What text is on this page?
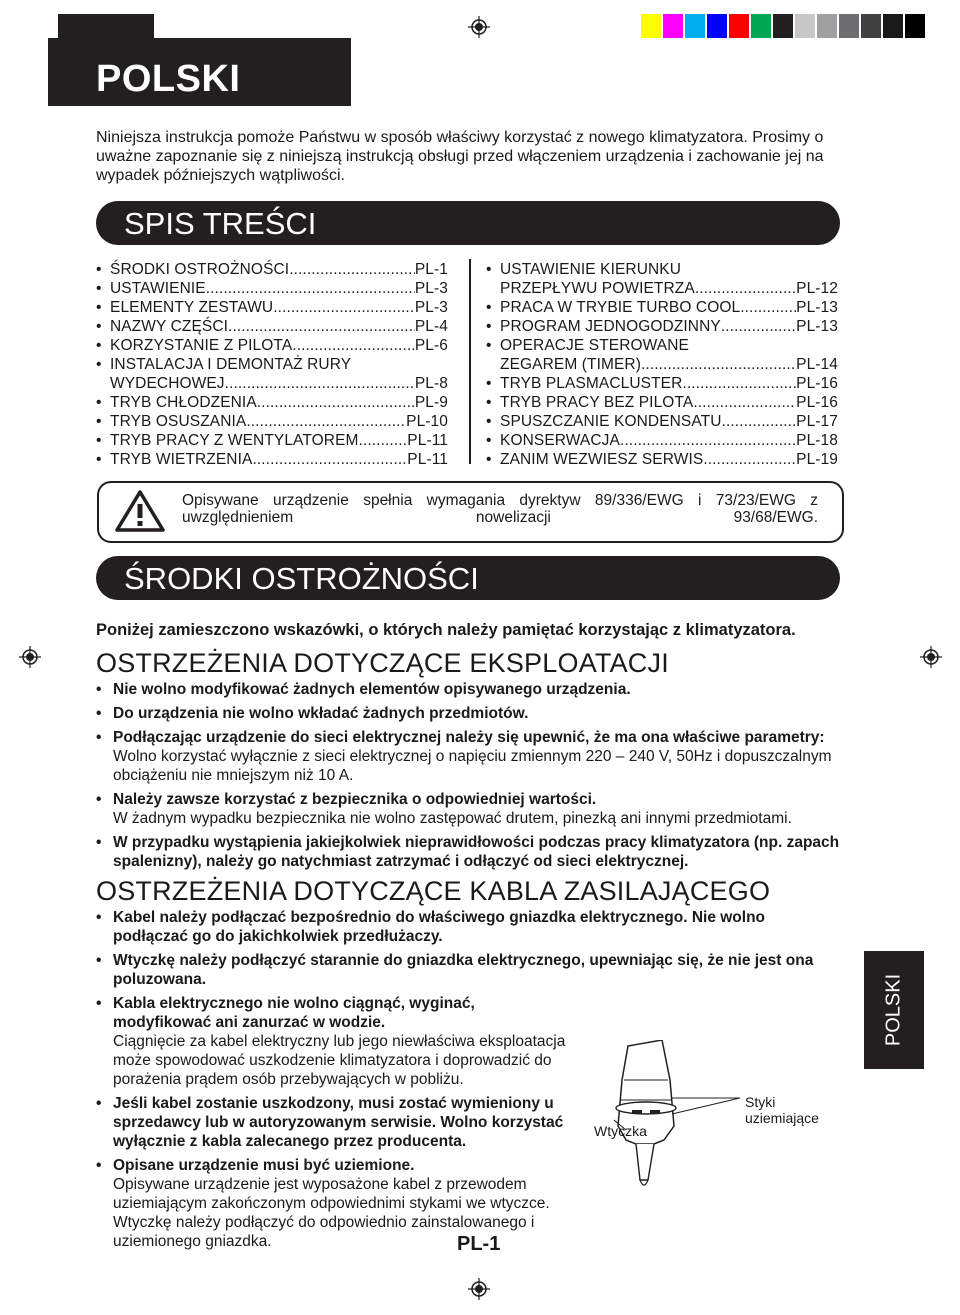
POLSKI
Niniejsza instrukcja pomoże Państwu w sposób właściwy korzystać z nowego klimatyzatora. Prosimy o uważne zapoznanie się z niniejszą instrukcją obsługi przed włączeniem urządzenia i zachowanie jej na wypadek późniejszych wątpliwości.
SPIS TREŚCI
• ŚRODKI OSTROŻNOŚCI .....	PL-1
• USTAWIENIE .....	PL-3
• ELEMENTY ZESTAWU .....	PL-3
• NAZWY CZĘŚCI .....	PL-4
• KORZYSTANIE Z PILOTA .....	PL-6
• INSTALACJA I DEMONTAŻ RURY
WYDECHOWEJ .....	PL-8
• TRYB CHŁODZENIA .....	PL-9
• TRYB OSUSZANIA .....	PL-10
• TRYB PRACY Z WENTYLATOREM .....	PL-11
• TRYB WIETRZENIA .....	PL-11
• USTAWIENIE KIERUNKU
PRZEPŁYWU POWIETRZA .....	PL-12
• PRACA W TRYBIE TURBO COOL .....	PL-13
• PROGRAM JEDNOGODZINNY .....	PL-13
• OPERACJE STEROWANE
ZEGAREM (TIMER) .....	PL-14
• TRYB PLASMACLUSTER .....	PL-16
• TRYB PRACY BEZ PILOTA .....	PL-16
• SPUSZCZANIE KONDENSATU .....	PL-17
• KONSERWACJA .....	PL-18
• ZANIM WEZWIESZ SERWIS .....	PL-19
Opisywane urządzenie spełnia wymagania dyrektyw 89/336/EWG i 73/23/EWG z uwzględnieniem nowelizacji 93/68/EWG.
ŚRODKI OSTROŻNOŚCI
Poniżej zamieszczono wskazówki, o których należy pamiętać korzystając z klimatyzatora.
OSTRZEŻENIA DOTYCZĄCE EKSPLOATACJI
• Nie wolno modyfikować żadnych elementów opisywanego urządzenia.
• Do urządzenia nie wolno wkładać żadnych przedmiotów.
• Podłączając urządzenie do sieci elektrycznej należy się upewnić, że ma ona właściwe parametry:
Wolno korzystać wyłącznie z sieci elektrycznej o napięciu zmiennym 220 – 240 V, 50Hz i dopuszczalnym obciążeniu nie mniejszym niż 10 A.
• Należy zawsze korzystać z bezpiecznika o odpowiedniej wartości.
W żadnym wypadku bezpiecznika nie wolno zastępować drutem, pinezką ani innymi przedmiotami.
• W przypadku wystąpienia jakiejkolwiek nieprawidłowości podczas pracy klimatyzatora (np. zapach spalenizny), należy go natychmiast zatrzymać i odłączyć od sieci elektrycznej.
OSTRZEŻENIA DOTYCZĄCE KABLA ZASILAJĄCEGO
• Kabel należy podłączać bezpośrednio do właściwego gniazdka elektrycznego. Nie wolno podłączać go do jakichkolwiek przedłużaczy.
• Wtyczkę należy podłączyć starannie do gniazdka elektrycznego, upewniając się, że nie jest ona poluzowana.
• Kabla elektrycznego nie wolno ciągnąć, wyginać, modyfikować ani zanurzać w wodzie.
Ciągnięcie za kabel elektryczny lub jego niewłaściwa eksploatacja może spowodować uszkodzenie klimatyzatora i doprowadzić do porażenia prądem osób przebywających w pobliżu.
• Jeśli kabel zostanie uszkodzony, musi zostać wymieniony u sprzedawcy lub w autoryzowanym serwisie. Wolno korzystać wyłącznie z kabla zalecanego przez producenta.
• Opisane urządzenie musi być uziemione.
Opisywane urządzenie jest wyposażone kabel z przewodem uziemiającym zakończonym odpowiednimi stykami we wtyczce. Wtyczkę należy podłączyć do odpowiednio zainstalowanego i uziemionego gniazdka.
Wtyczka
Styki
uziemiające
POLSKI
PL-1
